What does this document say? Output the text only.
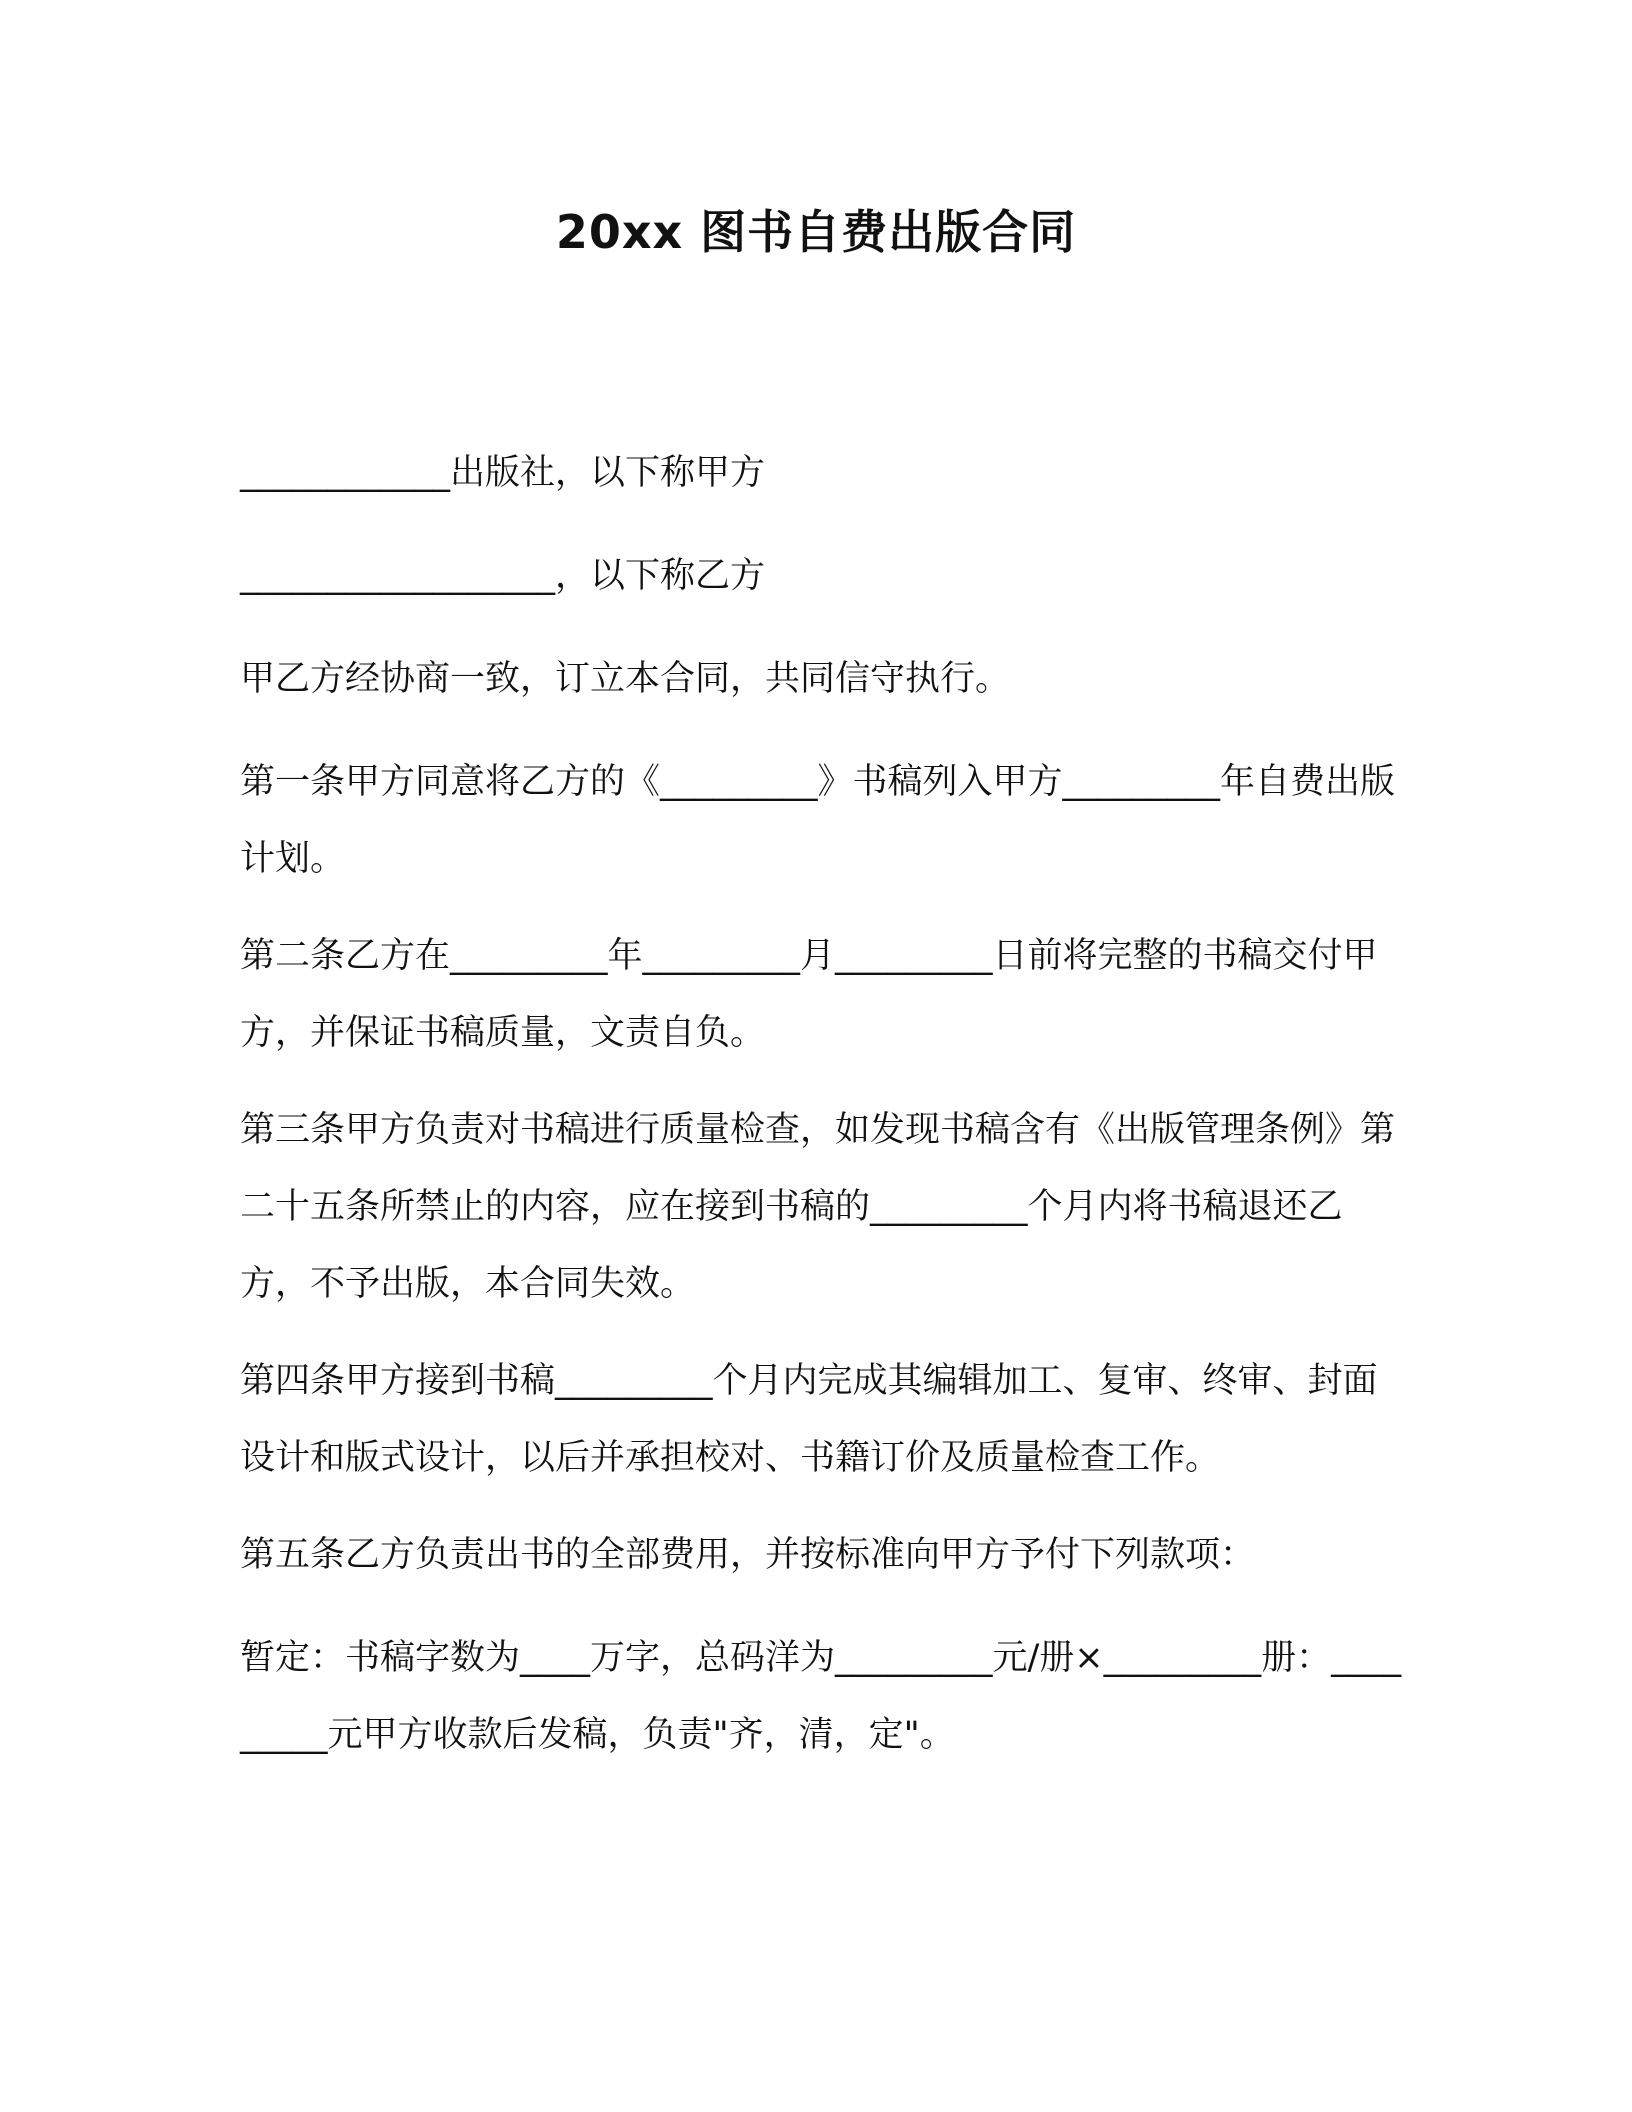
20xx 图书自费出版合同

____________出版社，以下称甲方

__________________，以下称乙方

甲乙方经协商一致，订立本合同，共同信守执行。

第一条甲方同意将乙方的《_________》书稿列入甲方_________年自费出版计划。

第二条乙方在_________年_________月_________日前将完整的书稿交付甲方，并保证书稿质量，文责自负。

第三条甲方负责对书稿进行质量检查，如发现书稿含有《出版管理条例》第二十五条所禁止的内容，应在接到书稿的_________个月内将书稿退还乙方，不予出版，本合同失效。

第四条甲方接到书稿_________个月内完成其编辑加工、复审、终审、封面设计和版式设计，以后并承担校对、书籍订价及质量检查工作。

第五条乙方负责出书的全部费用，并按标准向甲方予付下列款项：

暂定：书稿字数为____万字，总码洋为_________元/册×_________册：_________元甲方收款后发稿，负责"齐，清，定"。
